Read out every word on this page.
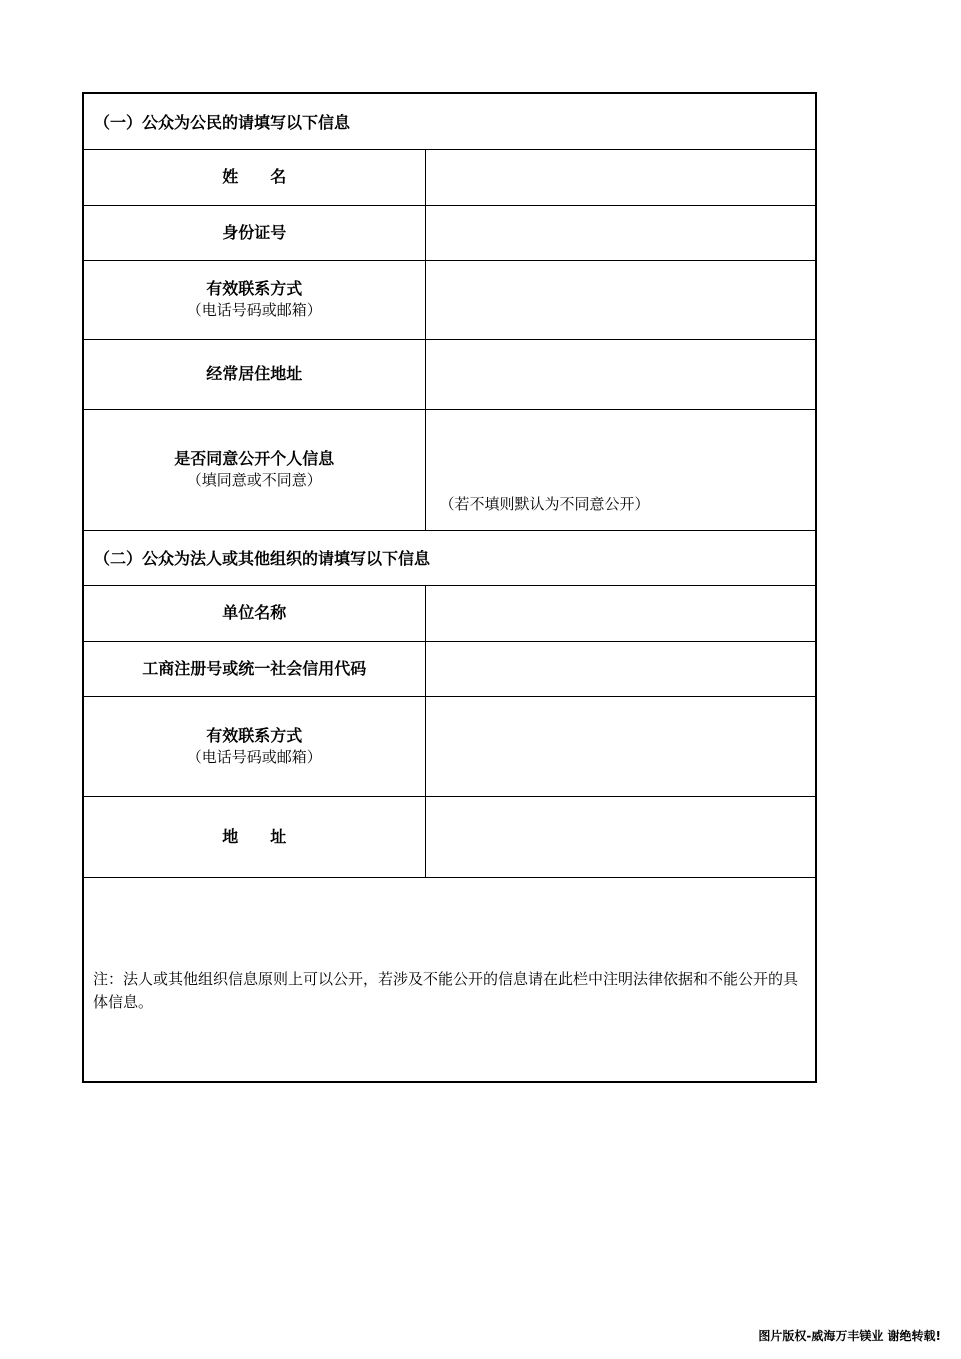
（一）公众为公民的请填写以下信息	
姓　　名	
身份证号	
有效联系方式
（电话号码或邮箱）	

经常居住地址	
是否同意公开个人信息
（填同意或不同意）	（若不填则默认为不同意公开）

（二）公众为法人或其他组织的请填写以下信息	
单位名称	
工商注册号或统一社会信用代码	
有效联系方式
（电话号码或邮箱）	

地　　址	

注：法人或其他组织信息原则上可以公开，若涉及不能公开的信息请在此栏中注明法律依据和不能公开的具体信息。	
图片版权-威海万丰镁业 谢绝转载!
